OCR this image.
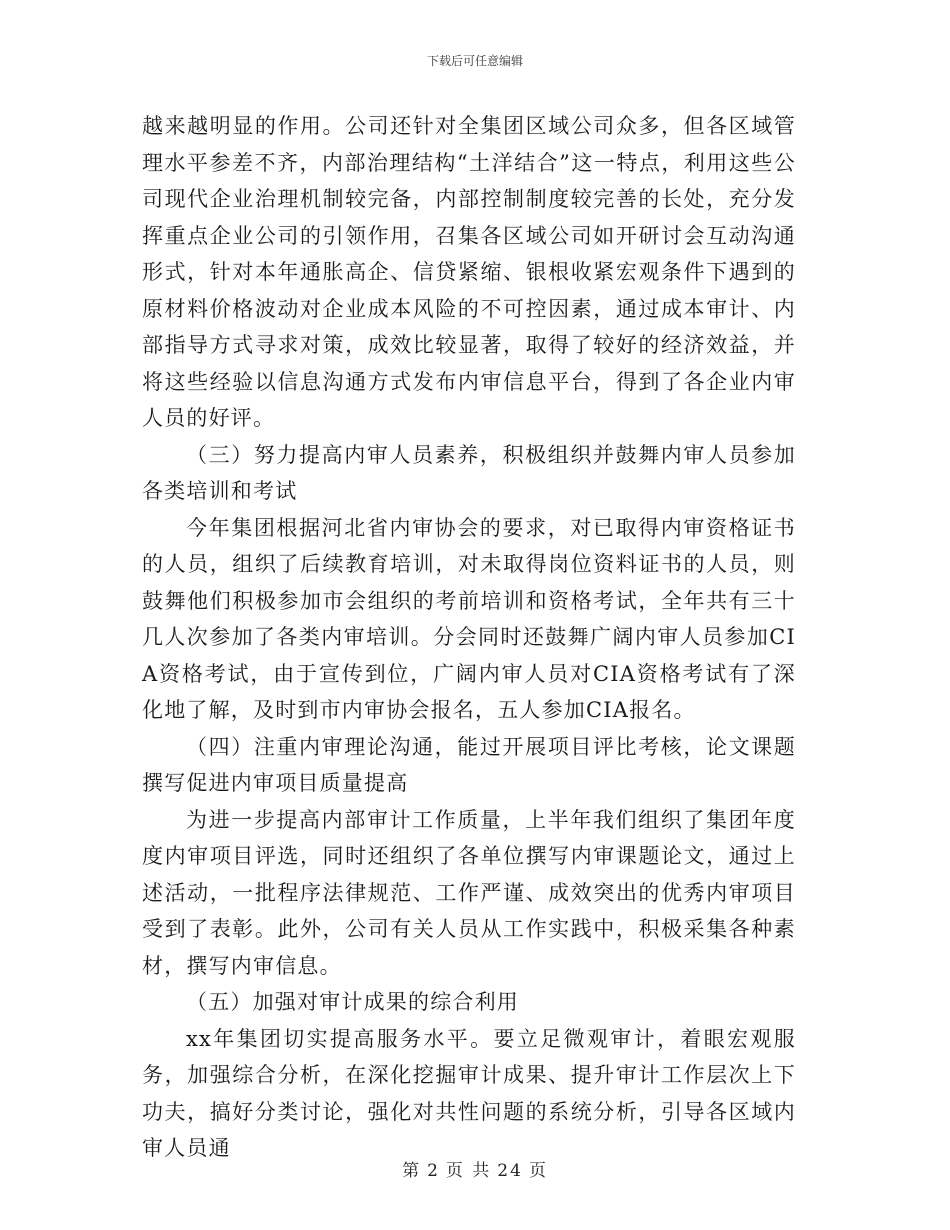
下载后可任意编辑

越来越明显的作用。公司还针对全集团区域公司众多，但各区域管理水平参差不齐，内部治理结构“土洋结合”这一特点，利用这些公司现代企业治理机制较完备，内部控制制度较完善的长处，充分发挥重点企业公司的引领作用，召集各区域公司如开研讨会互动沟通形式，针对本年通胀高企、信贷紧缩、银根收紧宏观条件下遇到的原材料价格波动对企业成本风险的不可控因素，通过成本审计、内部指导方式寻求对策，成效比较显著，取得了较好的经济效益，并将这些经验以信息沟通方式发布内审信息平台，得到了各企业内审人员的好评。

（三）努力提高内审人员素养，积极组织并鼓舞内审人员参加各类培训和考试

今年集团根据河北省内审协会的要求，对已取得内审资格证书的人员，组织了后续教育培训，对未取得岗位资料证书的人员，则鼓舞他们积极参加市会组织的考前培训和资格考试，全年共有三十几人次参加了各类内审培训。分会同时还鼓舞广阔内审人员参加CIA资格考试，由于宣传到位，广阔内审人员对CIA资格考试有了深化地了解，及时到市内审协会报名，五人参加CIA报名。

（四）注重内审理论沟通，能过开展项目评比考核，论文课题撰写促进内审项目质量提高

为进一步提高内部审计工作质量，上半年我们组织了集团年度度内审项目评选，同时还组织了各单位撰写内审课题论文，通过上述活动，一批程序法律规范、工作严谨、成效突出的优秀内审项目受到了表彰。此外，公司有关人员从工作实践中，积极采集各种素材，撰写内审信息。

（五）加强对审计成果的综合利用

xx年集团切实提高服务水平。要立足微观审计，着眼宏观服务，加强综合分析，在深化挖掘审计成果、提升审计工作层次上下功夫，搞好分类讨论，强化对共性问题的系统分析，引导各区域内审人员通

第 2 页 共 24 页
